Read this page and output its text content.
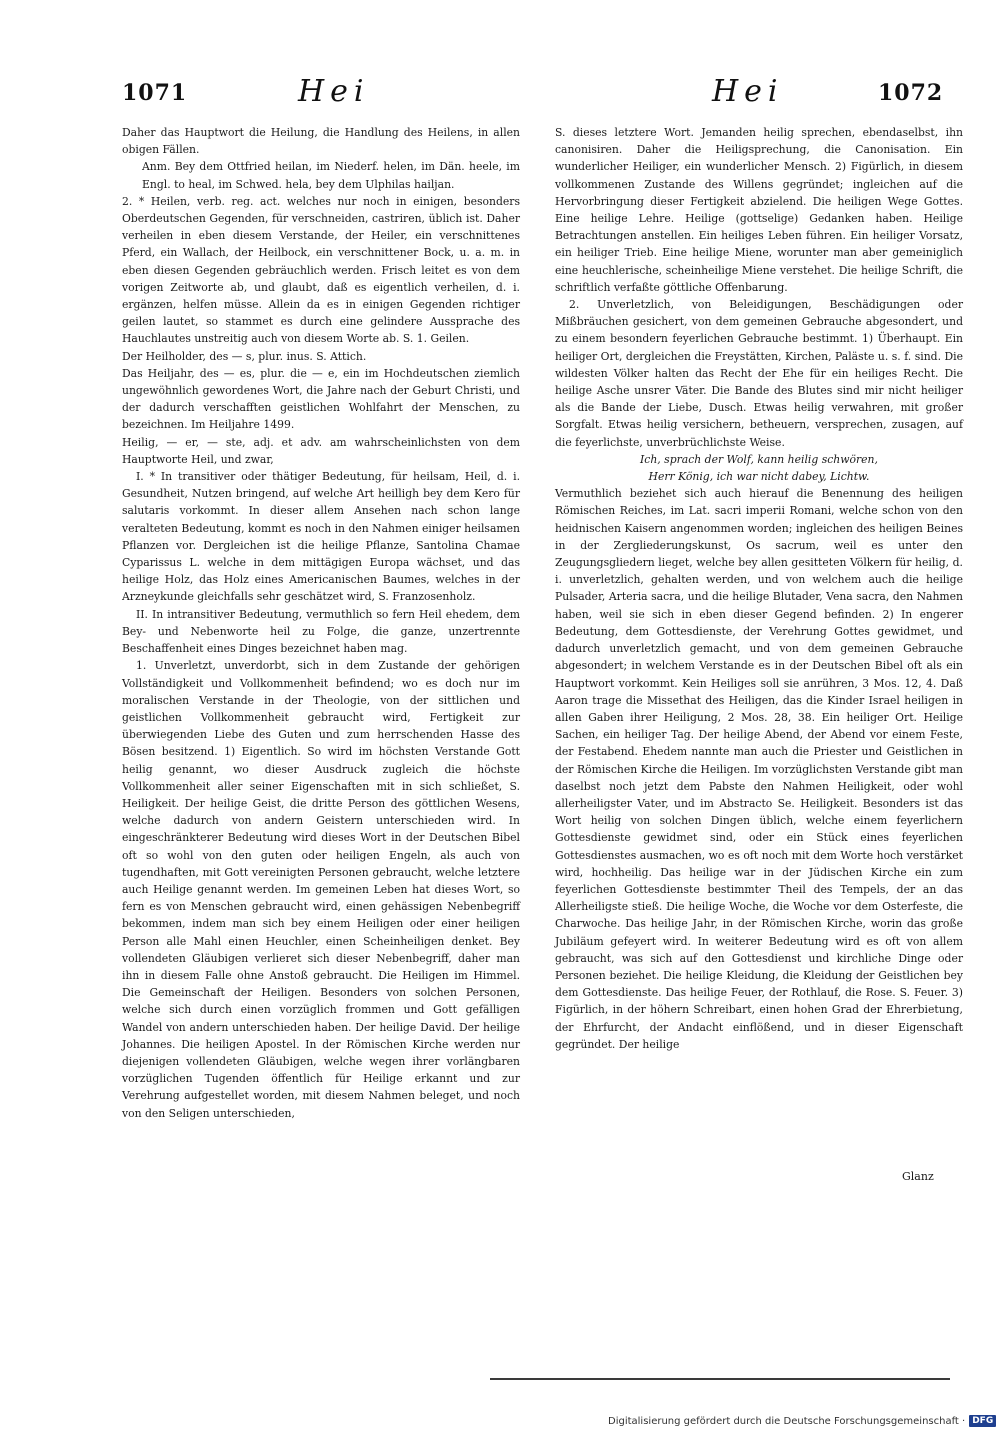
1071	Hei	Hei	1072

Daher das Hauptwort die Heilung, die Handlung des Heilens, in allen obigen Fällen.

Anm. Bey dem Ottfried heilan, im Niederf. helen, im Dän. heele, im Engl. to heal, im Schwed. hela, bey dem Ulphilas hailjan.

2. * Heilen, verb. reg. act. welches nur noch in einigen, besonders Oberdeutschen Gegenden, für verschneiden, castriren, üblich ist. Daher verheilen in eben diesem Verstande, der Heiler, ein verschnittenes Pferd, ein Wallach, der Heilbock, ein verschnittener Bock, u. a. m. in eben diesen Gegenden gebräuchlich werden. Frisch leitet es von dem vorigen Zeitworte ab, und glaubt, daß es eigentlich verheilen, d. i. ergänzen, helfen müsse. Allein da es in einigen Gegenden richtiger geilen lautet, so stammet es durch eine gelindere Aussprache des Hauchlautes unstreitig auch von diesem Worte ab. S. 1. Geilen.

Der Heilholder, des — s, plur. inus. S. Attich.

Das Heiljahr, des — es, plur. die — e, ein im Hochdeutschen ziemlich ungewöhnlich gewordenes Wort, die Jahre nach der Geburt Christi, und der dadurch verschafften geistlichen Wohlfahrt der Menschen, zu bezeichnen. Im Heiljahre 1499.

Heilig, — er, — ste, adj. et adv. am wahrscheinlichsten von dem Hauptworte Heil, und zwar,

I. * In transitiver oder thätiger Bedeutung, für heilsam, Heil, d. i. Gesundheit, Nutzen bringend, auf welche Art heilligh bey dem Kero für salutaris vorkommt. In dieser allem Ansehen nach schon lange veralteten Bedeutung, kommt es noch in den Nahmen einiger heilsamen Pflanzen vor. Dergleichen ist die heilige Pflanze, Santolina Chamae Cyparissus L. welche in dem mittägigen Europa wächset, und das heilige Holz, das Holz eines Americanischen Baumes, welches in der Arzneykunde gleichfalls sehr geschätzet wird, S. Franzosenholz.

II. In intransitiver Bedeutung, vermuthlich so fern Heil ehedem, dem Bey- und Nebenworte heil zu Folge, die ganze, unzertrennte Beschaffenheit eines Dinges bezeichnet haben mag.

1. Unverletzt, unverdorbt, sich in dem Zustande der gehörigen Vollständigkeit und Vollkommenheit befindend; wo es doch nur im moralischen Verstande in der Theologie, von der sittlichen und geistlichen Vollkommenheit gebraucht wird, Fertigkeit zur überwiegenden Liebe des Guten und zum herrschenden Hasse des Bösen besitzend. 1) Eigentlich. So wird im höchsten Verstande Gott heilig genannt, wo dieser Ausdruck zugleich die höchste Vollkommenheit aller seiner Eigenschaften mit in sich schließet, S. Heiligkeit. Der heilige Geist, die dritte Person des göttlichen Wesens, welche dadurch von andern Geistern unterschieden wird. In eingeschränkterer Bedeutung wird dieses Wort in der Deutschen Bibel oft so wohl von den guten oder heiligen Engeln, als auch von tugendhaften, mit Gott vereinigten Personen gebraucht, welche letztere auch Heilige genannt werden. Im gemeinen Leben hat dieses Wort, so fern es von Menschen gebraucht wird, einen gehässigen Nebenbegriff bekommen, indem man sich bey einem Heiligen oder einer heiligen Person alle Mahl einen Heuchler, einen Scheinheiligen denket. Bey vollendeten Gläubigen verlieret sich dieser Nebenbegriff, daher man ihn in diesem Falle ohne Anstoß gebraucht. Die Heiligen im Himmel. Die Gemeinschaft der Heiligen. Besonders von solchen Personen, welche sich durch einen vorzüglich frommen und Gott gefälligen Wandel von andern unterschieden haben. Der heilige David. Der heilige Johannes. Die heiligen Apostel. In der Römischen Kirche werden nur diejenigen vollendeten Gläubigen, welche wegen ihrer vorlängbaren vorzüglichen Tugenden öffentlich für Heilige erkannt und zur Verehrung aufgestellet worden, mit diesem Nahmen beleget, und noch von den Seligen unterschieden,

S. dieses letztere Wort. Jemanden heilig sprechen, ebendaselbst, ihn canonisiren. Daher die Heiligsprechung, die Canonisation. Ein wunderlicher Heiliger, ein wunderlicher Mensch. 2) Figürlich, in diesem vollkommenen Zustande des Willens gegründet; ingleichen auf die Hervorbringung dieser Fertigkeit abzielend. Die heiligen Wege Gottes. Eine heilige Lehre. Heilige (gottselige) Gedanken haben. Heilige Betrachtungen anstellen. Ein heiliges Leben führen. Ein heiliger Vorsatz, ein heiliger Trieb. Eine heilige Miene, worunter man aber gemeiniglich eine heuchlerische, scheinheilige Miene verstehet. Die heilige Schrift, die schriftlich verfaßte göttliche Offenbarung.

2. Unverletzlich, von Beleidigungen, Beschädigungen oder Mißbräuchen gesichert, von dem gemeinen Gebrauche abgesondert, und zu einem besondern feyerlichen Gebrauche bestimmt. 1) Überhaupt. Ein heiliger Ort, dergleichen die Freystätten, Kirchen, Paläste u. s. f. sind. Die wildesten Völker halten das Recht der Ehe für ein heiliges Recht. Die heilige Asche unsrer Väter. Die Bande des Blutes sind mir nicht heiliger als die Bande der Liebe, Dusch. Etwas heilig verwahren, mit großer Sorgfalt. Etwas heilig versichern, betheuern, versprechen, zusagen, auf die feyerlichste, unverbrüchlichste Weise.

Ich, sprach der Wolf, kann heilig schwören,

Herr König, ich war nicht dabey, Lichtw.

Vermuthlich beziehet sich auch hierauf die Benennung des heiligen Römischen Reiches, im Lat. sacri imperii Romani, welche schon von den heidnischen Kaisern angenommen worden; ingleichen des heiligen Beines in der Zergliederungskunst, Os sacrum, weil es unter den Zeugungsgliedern lieget, welche bey allen gesitteten Völkern für heilig, d. i. unverletzlich, gehalten werden, und von welchem auch die heilige Pulsader, Arteria sacra, und die heilige Blutader, Vena sacra, den Nahmen haben, weil sie sich in eben dieser Gegend befinden. 2) In engerer Bedeutung, dem Gottesdienste, der Verehrung Gottes gewidmet, und dadurch unverletzlich gemacht, und von dem gemeinen Gebrauche abgesondert; in welchem Verstande es in der Deutschen Bibel oft als ein Hauptwort vorkommt. Kein Heiliges soll sie anrühren, 3 Mos. 12, 4. Daß Aaron trage die Missethat des Heiligen, das die Kinder Israel heiligen in allen Gaben ihrer Heiligung, 2 Mos. 28, 38. Ein heiliger Ort. Heilige Sachen, ein heiliger Tag. Der heilige Abend, der Abend vor einem Feste, der Festabend. Ehedem nannte man auch die Priester und Geistlichen in der Römischen Kirche die Heiligen. Im vorzüglichsten Verstande gibt man daselbst noch jetzt dem Pabste den Nahmen Heiligkeit, oder wohl allerheiligster Vater, und im Abstracto Se. Heiligkeit. Besonders ist das Wort heilig von solchen Dingen üblich, welche einem feyerlichern Gottesdienste gewidmet sind, oder ein Stück eines feyerlichen Gottesdienstes ausmachen, wo es oft noch mit dem Worte hoch verstärket wird, hochheilig. Das heilige war in der Jüdischen Kirche ein zum feyerlichen Gottesdienste bestimmter Theil des Tempels, der an das Allerheiligste stieß. Die heilige Woche, die Woche vor dem Osterfeste, die Charwoche. Das heilige Jahr, in der Römischen Kirche, worin das große Jubiläum gefeyert wird. In weiterer Bedeutung wird es oft von allem gebraucht, was sich auf den Gottesdienst und kirchliche Dinge oder Personen beziehet. Die heilige Kleidung, die Kleidung der Geistlichen bey dem Gottesdienste. Das heilige Feuer, der Rothlauf, die Rose. S. Feuer. 3) Figürlich, in der höhern Schreibart, einen hohen Grad der Ehrerbietung, der Ehrfurcht, der Andacht einflößend, und in dieser Eigenschaft gegründet. Der heilige

Glanz
Digitalisierung gefördert durch die Deutsche Forschungsgemeinschaft · DFG
